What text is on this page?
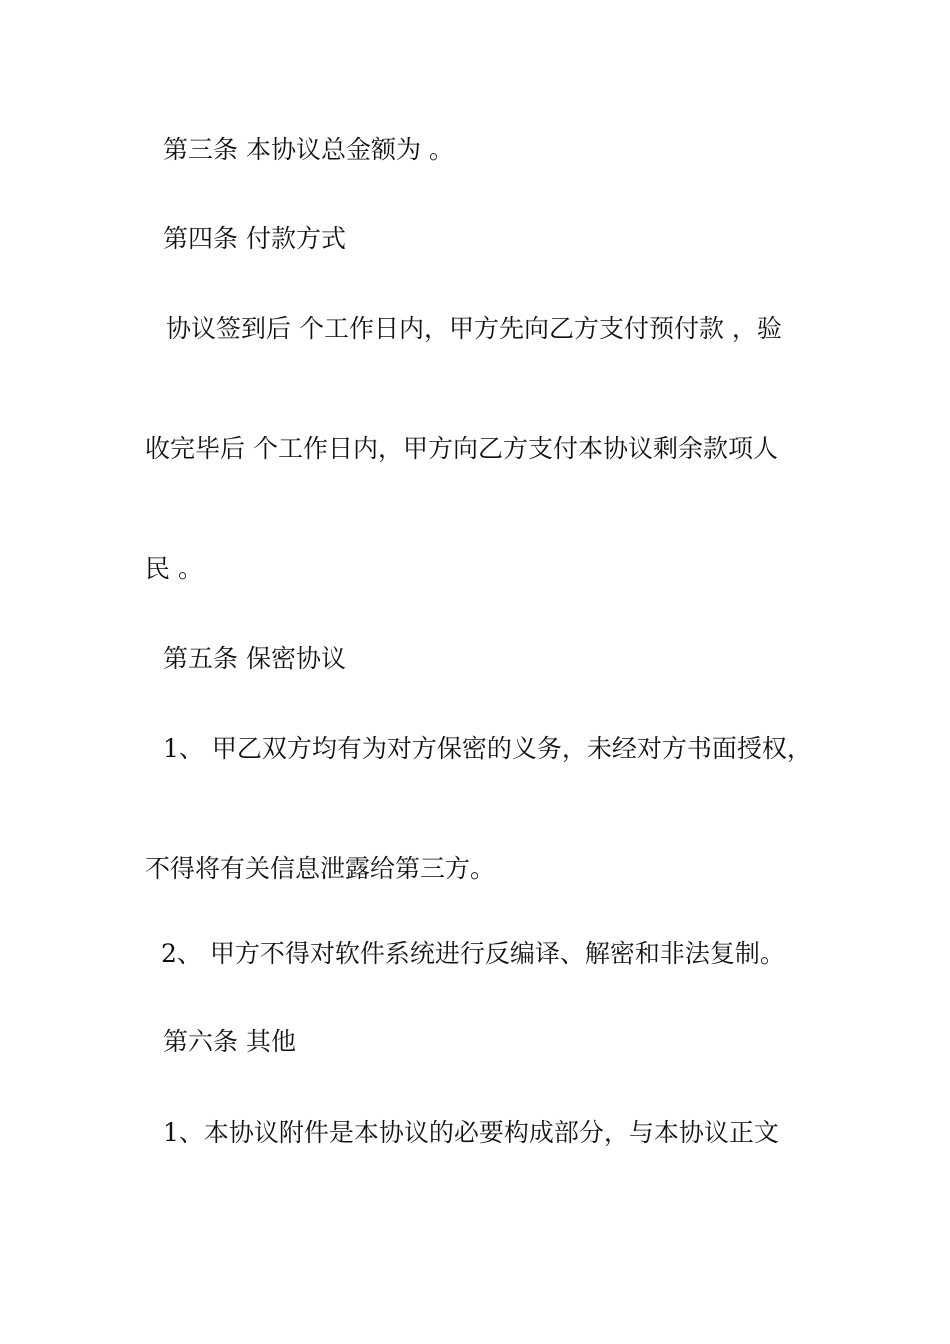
第三条 本协议总金额为 。
第四条 付款方式
协议签到后 个工作日内，甲方先向乙方支付预付款 ，验
收完毕后 个工作日内，甲方向乙方支付本协议剩余款项人
民 。
第五条 保密协议
1、 甲乙双方均有为对方保密的义务，未经对方书面授权，
不得将有关信息泄露给第三方。
2、 甲方不得对软件系统进行反编译、解密和非法复制。
第六条 其他
1、本协议附件是本协议的必要构成部分，与本协议正文
